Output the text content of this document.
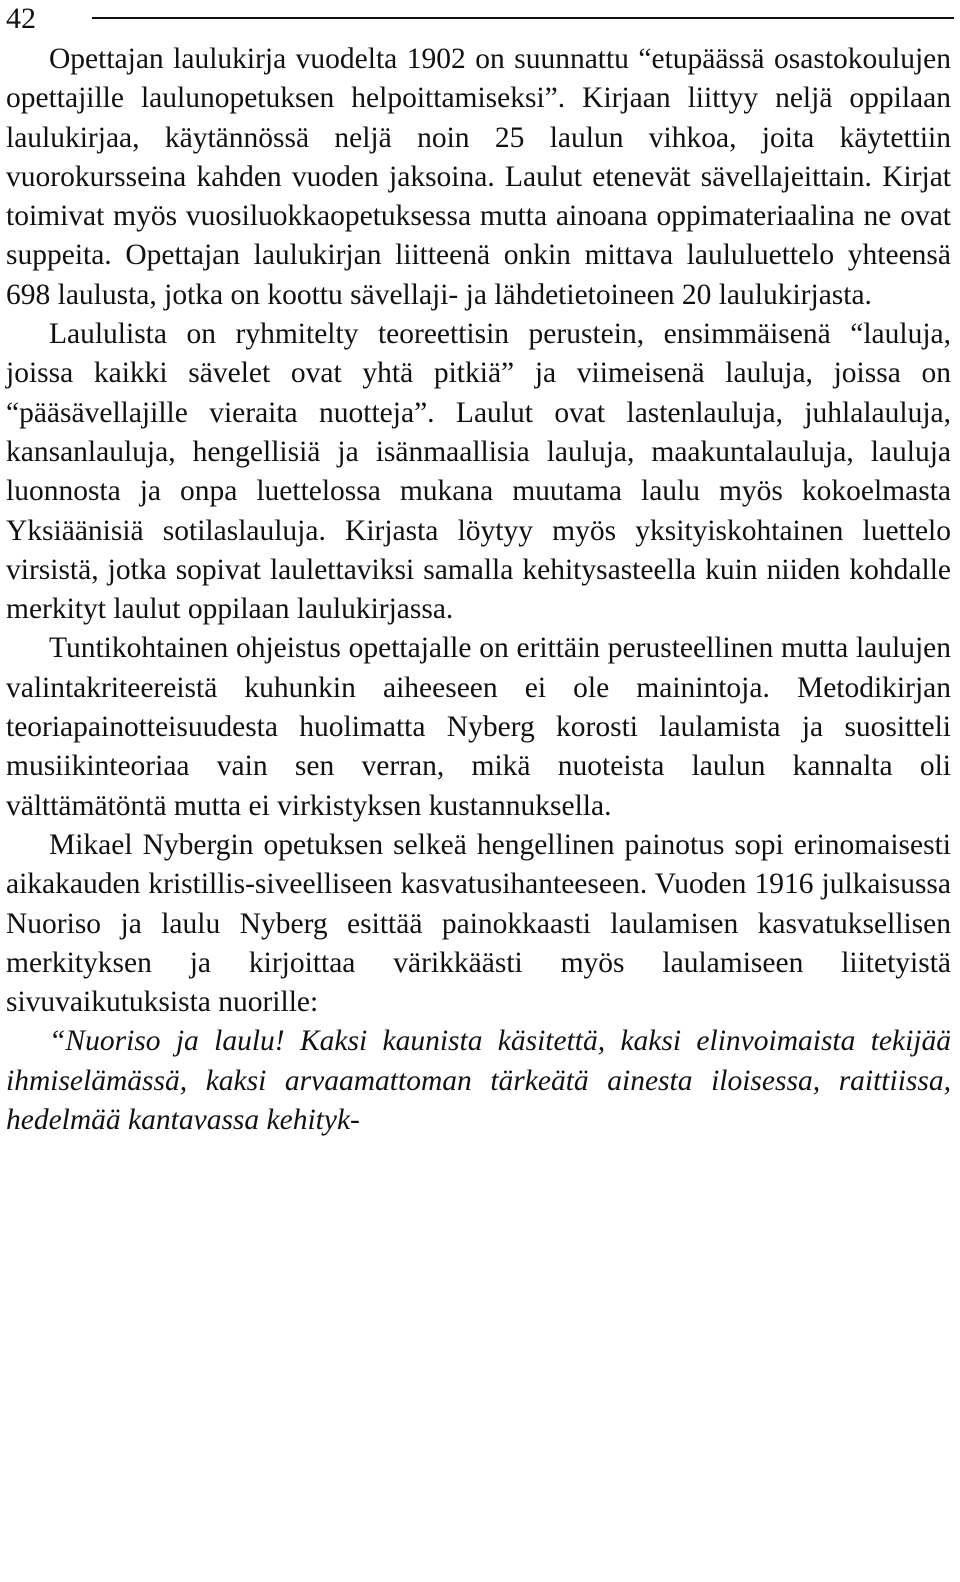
42

Opettajan laulukirja vuodelta 1902 on suunnattu “etupäässä osastokoulujen opettajille laulunopetuksen helpoittamiseksi”. Kirjaan liittyy neljä oppilaan laulukirjaa, käytännössä neljä noin 25 laulun vihkoa, joita käytettiin vuorokursseina kahden vuoden jaksoina. Laulut etenevät sävellajeittain. Kirjat toimivat myös vuosiluokkaopetuksessa mutta ainoana oppimateriaalina ne ovat suppeita. Opettajan laulukirjan liitteenä onkin mittava laululuettelo yhteensä 698 laulusta, jotka on koottu sävellaji- ja lähdetietoineen 20 laulukirjasta.

Laululista on ryhmitelty teoreettisin perustein, ensimmäisenä “lauluja, joissa kaikki sävelet ovat yhtä pitkiä” ja viimeisenä lauluja, joissa on “pääsävellajille vieraita nuotteja”. Laulut ovat lastenlauluja, juhlalauluja, kansanlauluja, hengellisiä ja isänmaallisia lauluja, maakuntalauluja, lauluja luonnosta ja onpa luettelossa mukana muutama laulu myös kokoelmasta Yksiäänisiä sotilaslauluja. Kirjasta löytyy myös yksityiskohtainen luettelo virsistä, jotka sopivat laulettaviksi samalla kehitysasteella kuin niiden kohdalle merkityt laulut oppilaan laulukirjassa.

Tuntikohtainen ohjeistus opettajalle on erittäin perusteellinen mutta laulujen valintakriteereistä kuhunkin aiheeseen ei ole mainintoja. Metodikirjan teoriapainotteisuudesta huolimatta Nyberg korosti laulamista ja suositteli musiikinteoriaa vain sen verran, mikä nuoteista laulun kannalta oli välttämätöntä mutta ei virkistyksen kustannuksella.

Mikael Nybergin opetuksen selkeä hengellinen painotus sopi erinomaisesti aikakauden kristillis-siveelliseen kasvatusihanteeseen. Vuoden 1916 julkaisussa Nuoriso ja laulu Nyberg esittää painokkaasti laulamisen kasvatuksellisen merkityksen ja kirjoittaa värikkäästi myös laulamiseen liitetyistä sivuvaikutuksista nuorille:

“Nuoriso ja laulu! Kaksi kaunista käsitettä, kaksi elinvoimaista tekijää ihmiselämässä, kaksi arvaamattoman tärkeätä ainesta iloisessa, raittiissa, hedelmää kantavassa kehityk-
